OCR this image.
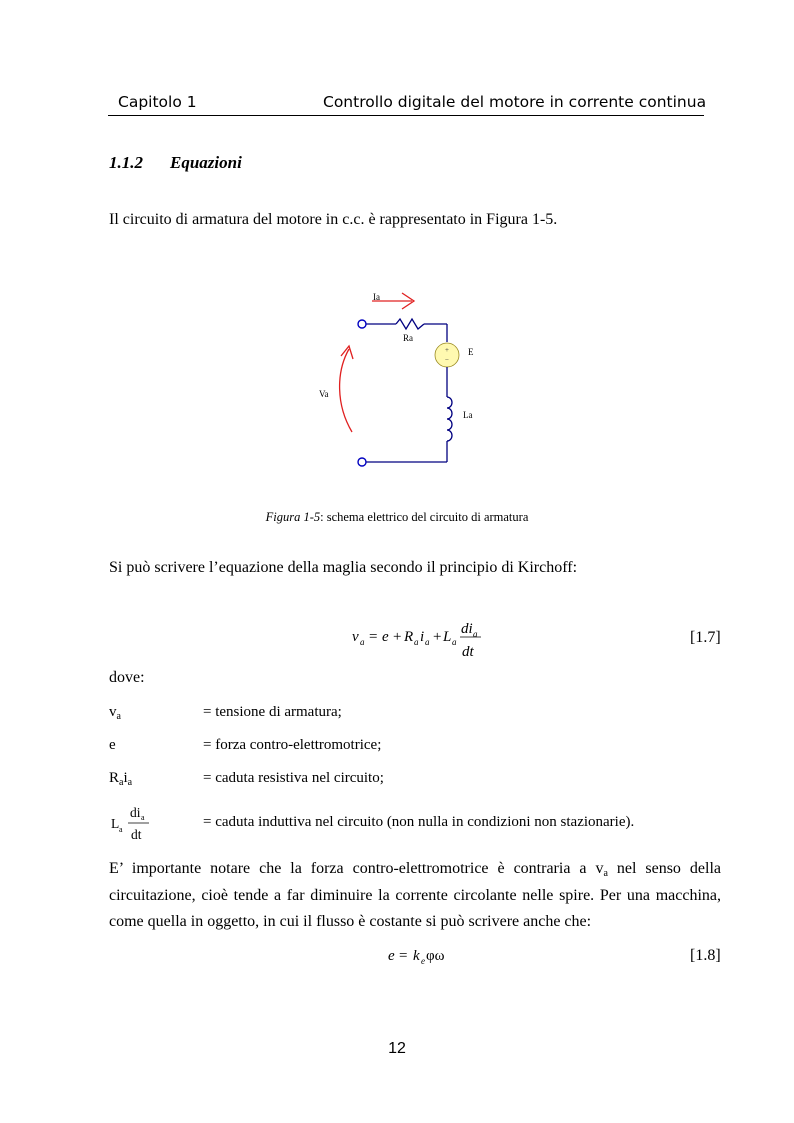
Capitolo 1	Controllo digitale del motore in corrente continua
1.1.2 Equazioni
Il circuito di armatura del motore in c.c. è rappresentato in Figura 1-5.
+
−
Ia
Ra
E
Va
La
Figura 1-5: schema elettrico del circuito di armatura
Si può scrivere l’equazione della maglia secondo il principio di Kirchoff:
v a = e + R a i a + L a
di a
dt
[1.7]
dove:
$v_a$	= tensione di armatura;
e	= forza contro-elettromotrice;
$R_ai_a$	= caduta resistiva nel circuito;
L a
di a
dt
= caduta induttiva nel circuito (non nulla in condizioni non stazionarie).
E’ importante notare che la forza contro-elettromotrice è contraria a $v_a$ nel senso della
circuitazione, cioè tende a far diminuire la corrente circolante nelle spire. Per una macchina,
come quella in oggetto, in cui il flusso è costante si può scrivere anche che:
e = k e φω	[1.8]
12
